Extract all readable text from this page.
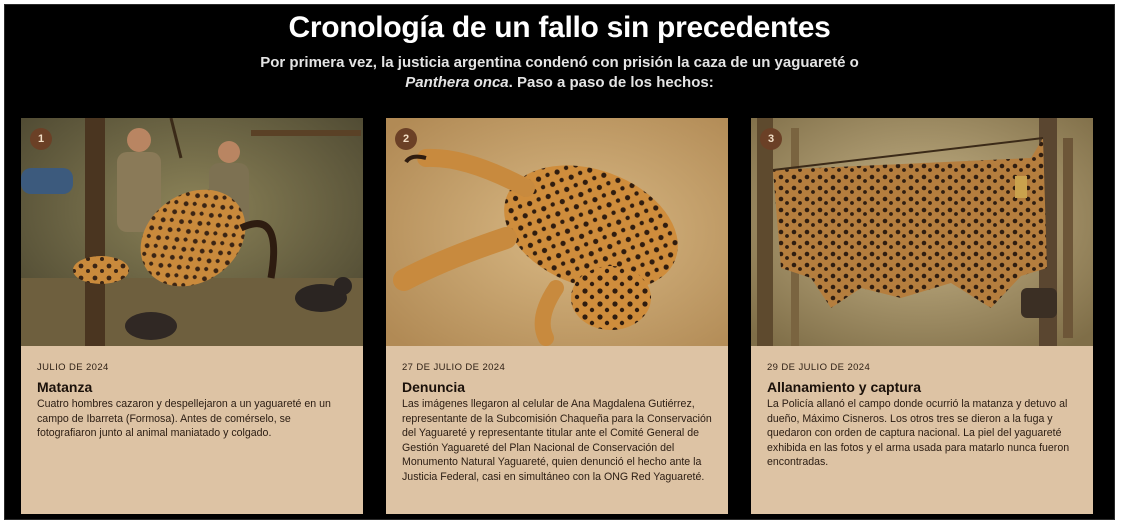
Cronología de un fallo sin precedentes
Por primera vez, la justicia argentina condenó con prisión la caza de un yaguareté o
Panthera onca. Paso a paso de los hechos:
1
JULIO DE 2024
Matanza
Cuatro hombres cazaron y despellejaron a un yaguareté en un campo de Ibarreta (Formosa). Antes de comérselo, se fotografiaron junto al animal maniatado y colgado.
2
27 DE JULIO DE 2024
Denuncia
Las imágenes llegaron al celular de Ana Magdalena Gutiérrez, representante de la Subcomisión Chaqueña para la Conservación del Yaguareté y representante titular ante el Comité General de Gestión Yaguareté del Plan Nacional de Conservación del Monumento Natural Yaguareté, quien denunció el hecho ante la Justicia Federal, casi en simultáneo con la ONG Red Yaguareté.
3
29 DE JULIO DE 2024
Allanamiento y captura
La Policía allanó el campo donde ocurrió la matanza y detuvo al dueño, Máximo Cisneros. Los otros tres se dieron a la fuga y quedaron con orden de captura nacional. La piel del yaguareté exhibida en las fotos y el arma usada para matarlo nunca fueron encontradas.
